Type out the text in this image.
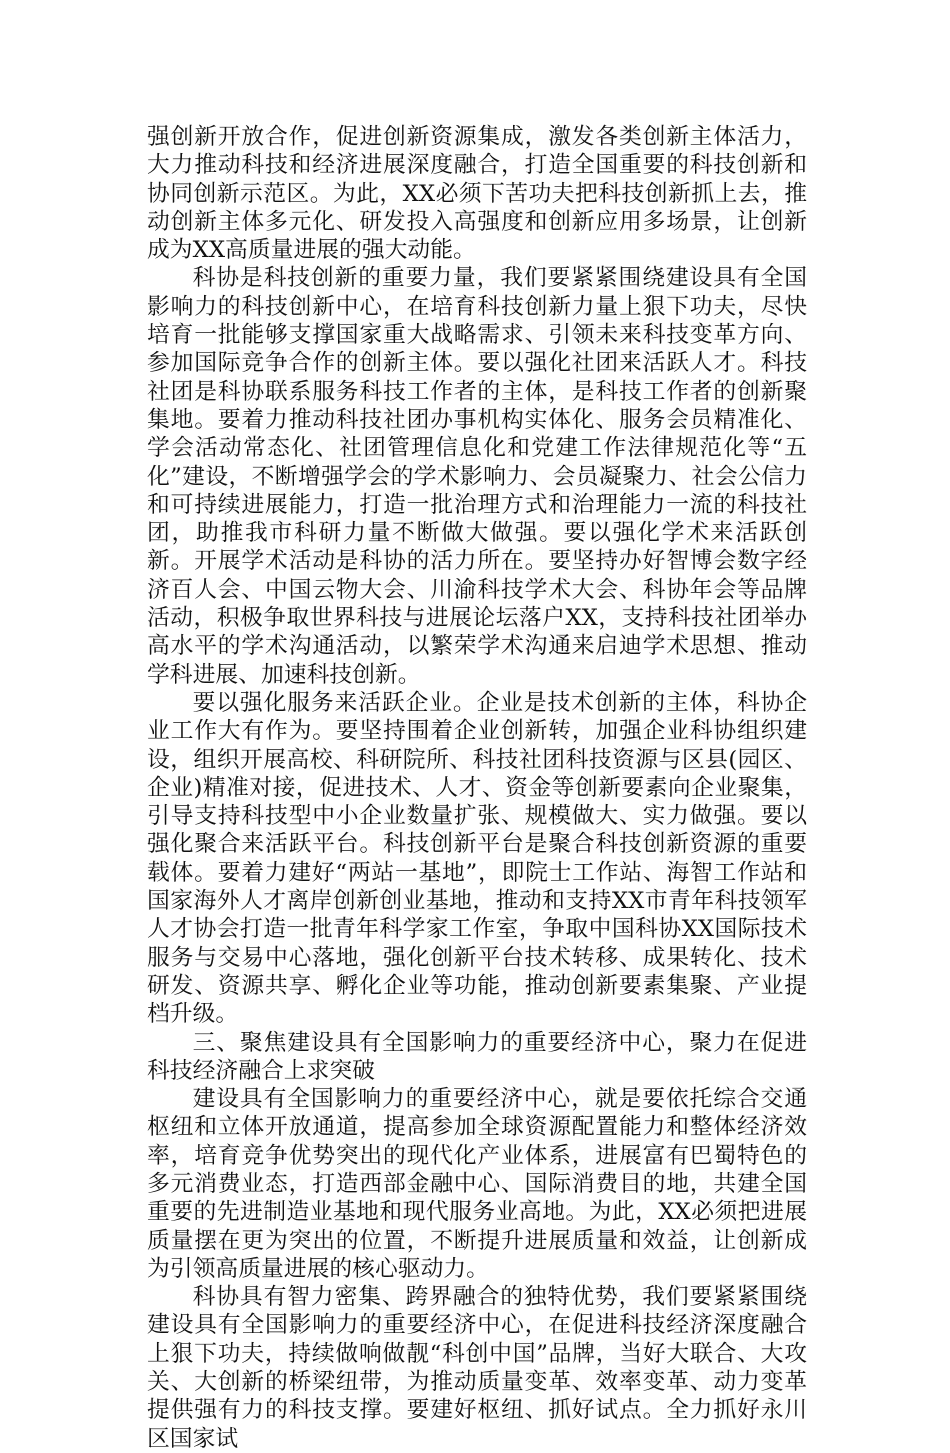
强创新开放合作，促进创新资源集成，激发各类创新主体活力，大力推动科技和经济进展深度融合，打造全国重要的科技创新和协同创新示范区。为此，XX必须下苦功夫把科技创新抓上去，推动创新主体多元化、研发投入高强度和创新应用多场景，让创新成为XX高质量进展的强大动能。

科协是科技创新的重要力量，我们要紧紧围绕建设具有全国影响力的科技创新中心，在培育科技创新力量上狠下功夫，尽快培育一批能够支撑国家重大战略需求、引领未来科技变革方向、参加国际竞争合作的创新主体。要以强化社团来活跃人才。科技社团是科协联系服务科技工作者的主体，是科技工作者的创新聚集地。要着力推动科技社团办事机构实体化、服务会员精准化、学会活动常态化、社团管理信息化和党建工作法律规范化等“五化”建设，不断增强学会的学术影响力、会员凝聚力、社会公信力和可持续进展能力，打造一批治理方式和治理能力一流的科技社团，助推我市科研力量不断做大做强。要以强化学术来活跃创新。开展学术活动是科协的活力所在。要坚持办好智博会数字经济百人会、中国云物大会、川渝科技学术大会、科协年会等品牌活动，积极争取世界科技与进展论坛落户XX，支持科技社团举办高水平的学术沟通活动，以繁荣学术沟通来启迪学术思想、推动学科进展、加速科技创新。

要以强化服务来活跃企业。企业是技术创新的主体，科协企业工作大有作为。要坚持围着企业创新转，加强企业科协组织建设，组织开展高校、科研院所、科技社团科技资源与区县(园区、企业)精准对接，促进技术、人才、资金等创新要素向企业聚集，引导支持科技型中小企业数量扩张、规模做大、实力做强。要以强化聚合来活跃平台。科技创新平台是聚合科技创新资源的重要载体。要着力建好“两站一基地”，即院士工作站、海智工作站和国家海外人才离岸创新创业基地，推动和支持XX市青年科技领军人才协会打造一批青年科学家工作室，争取中国科协XX国际技术服务与交易中心落地，强化创新平台技术转移、成果转化、技术研发、资源共享、孵化企业等功能，推动创新要素集聚、产业提档升级。

三、聚焦建设具有全国影响力的重要经济中心，聚力在促进科技经济融合上求突破

建设具有全国影响力的重要经济中心，就是要依托综合交通枢纽和立体开放通道，提高参加全球资源配置能力和整体经济效率，培育竞争优势突出的现代化产业体系，进展富有巴蜀特色的多元消费业态，打造西部金融中心、国际消费目的地，共建全国重要的先进制造业基地和现代服务业高地。为此，XX必须把进展质量摆在更为突出的位置，不断提升进展质量和效益，让创新成为引领高质量进展的核心驱动力。

科协具有智力密集、跨界融合的独特优势，我们要紧紧围绕建设具有全国影响力的重要经济中心，在促进科技经济深度融合上狠下功夫，持续做响做靓“科创中国”品牌，当好大联合、大攻关、大创新的桥梁纽带，为推动质量变革、效率变革、动力变革提供强有力的科技支撑。要建好枢纽、抓好试点。全力抓好永川区国家试
